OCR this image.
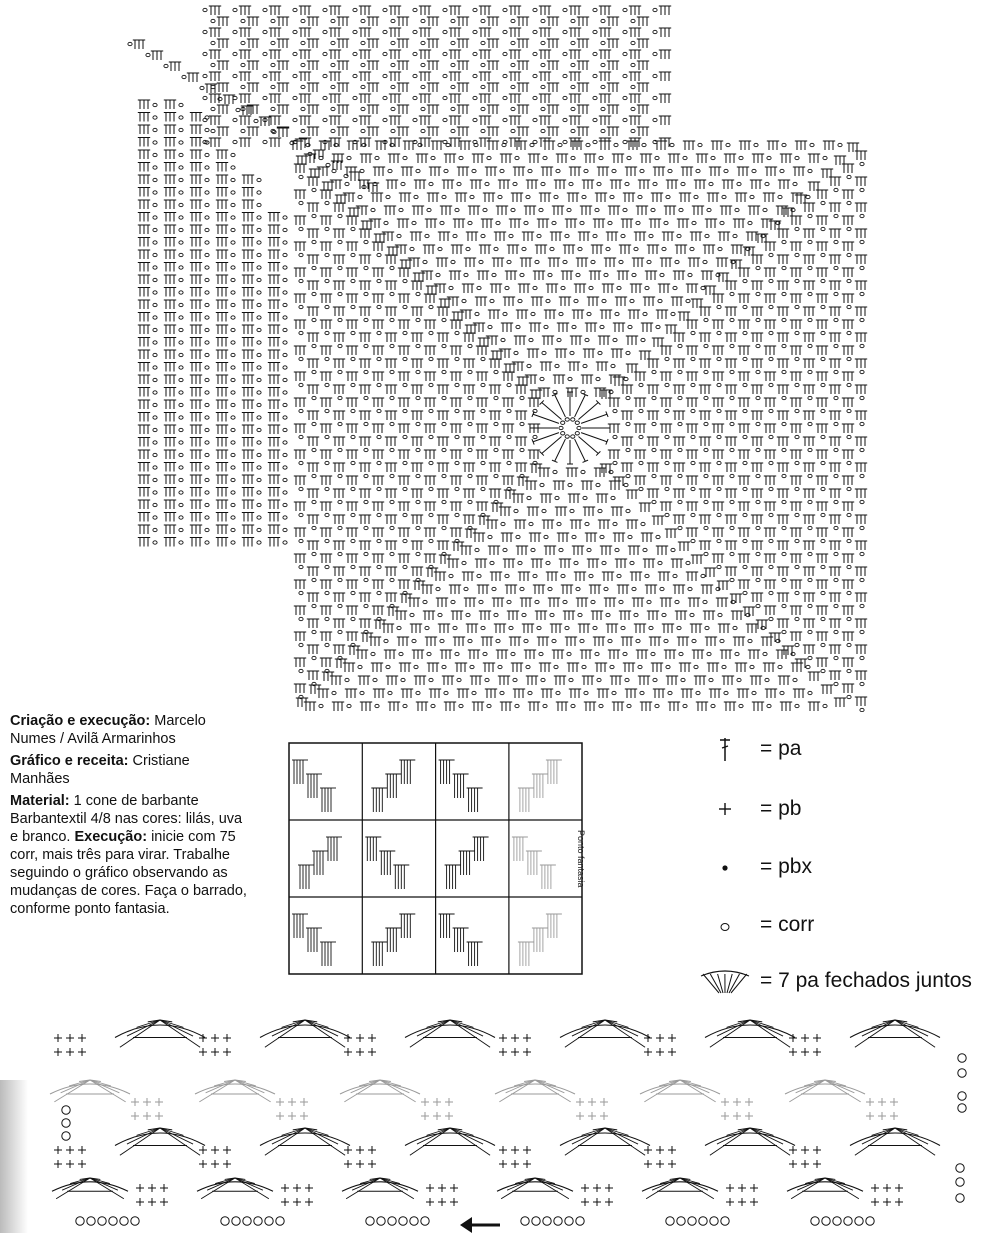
Criação e execução: Marcelo Numes / Avilã Armarinhos

Gráfico e receita: Cristiane Manhães

Material: 1 cone de barbante Barbantextil 4/8 nas cores: lilás, uva e branco. Execução: inicie com 75 corr, mais três para virar. Trabalhe seguindo o gráfico observando as mudanças de cores. Faça o barrado, conforme ponto fantasia.

Ponto fantasia
= pa
= pb
= pbx
= corr
= 7 pa fechados juntos
